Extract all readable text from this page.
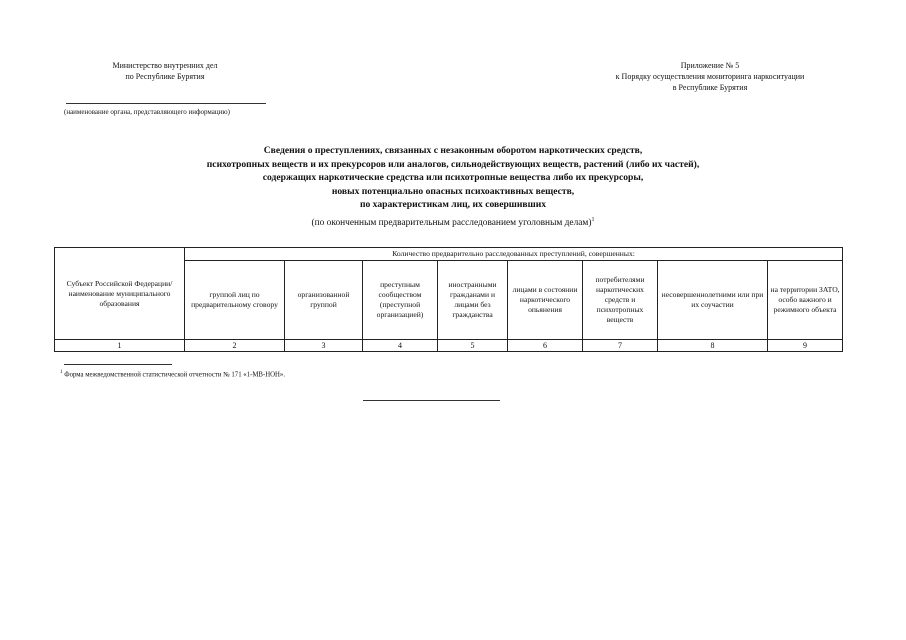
Министерство внутренних дел
по Республике Бурятия
Приложение № 5
к Порядку осуществления мониторинга наркоситуации
в Республике Бурятия
(наименование органа, представляющего информацию)
Сведения о преступлениях, связанных с незаконным оборотом наркотических средств,
психотропных веществ и их прекурсоров или аналогов, сильнодействующих веществ, растений (либо их частей),
содержащих наркотические средства или психотропные вещества либо их прекурсоры,
новых потенциально опасных психоактивных веществ,
по характеристикам лиц, их совершивших
(по оконченным предварительным расследованием уголовным делам)$^1$
Субъект Российской Федерации/ наименование муниципального образования	Количество предварительно расследованных преступлений, совершенных:							
	группой лиц по предварительному сговору	организованной группой	преступным сообществом (преступной организацией)	иностранными гражданами и лицами без гражданства	лицами в состоянии наркотического опьянения	потребителями наркотических средств и психотропных веществ	несовершеннолетними или при их соучастии	на территории ЗАТО, особо важного и режимного объекта
1	2	3	4	5	6	7	8	9
$^1$ Форма межведомственной статистической отчетности № 171 «1-МВ-НОН».
